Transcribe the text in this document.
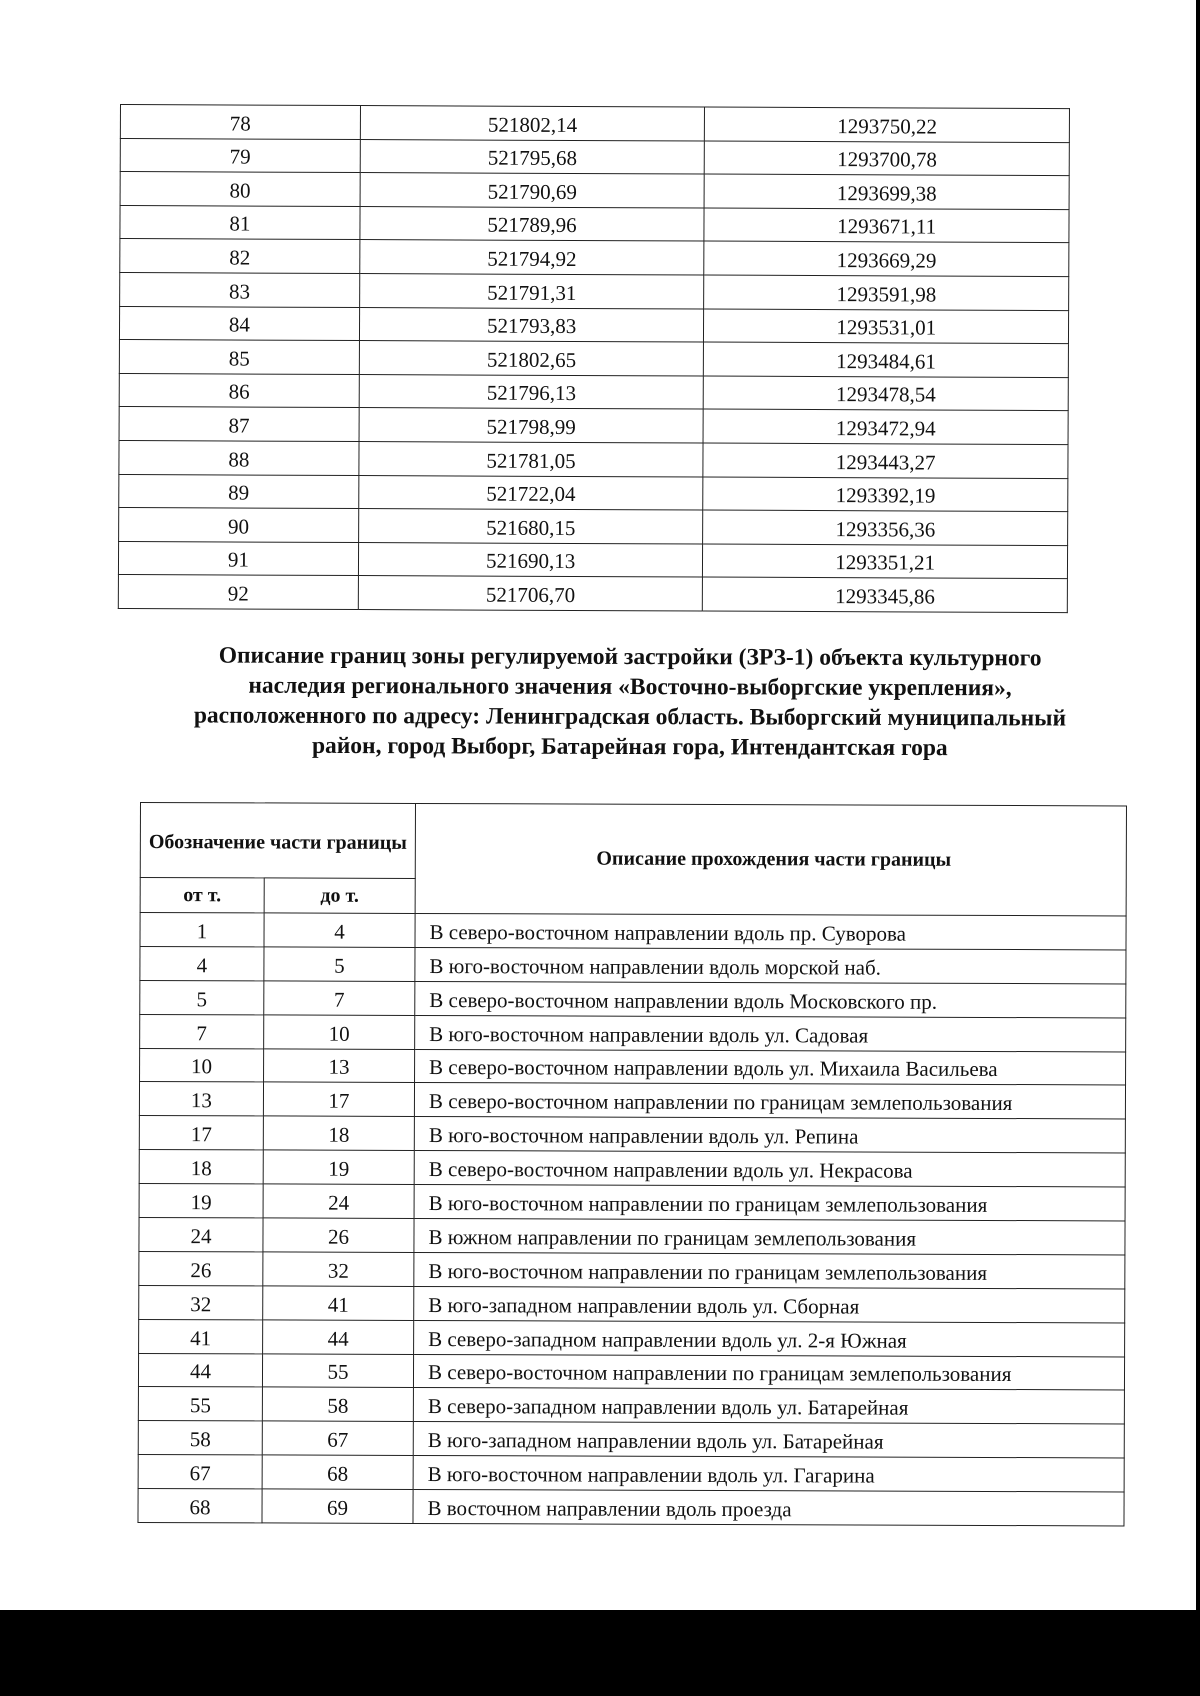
78	521802,14	1293750,22
79	521795,68	1293700,78
80	521790,69	1293699,38
81	521789,96	1293671,11
82	521794,92	1293669,29
83	521791,31	1293591,98
84	521793,83	1293531,01
85	521802,65	1293484,61
86	521796,13	1293478,54
87	521798,99	1293472,94
88	521781,05	1293443,27
89	521722,04	1293392,19
90	521680,15	1293356,36
91	521690,13	1293351,21
92	521706,70	1293345,86

Описание границ зоны регулируемой застройки (ЗРЗ-1) объекта культурного

наследия регионального значения «Восточно-выборгские укрепления»,

расположенного по адресу: Ленинградская область. Выборгский муниципальный

район, город Выборг, Батарейная гора, Интендантская гора

Обозначение части границы		Описание прохождения части границы
от т.	до т.	
1	4	В северо-восточном направлении вдоль пр. Суворова
4	5	В юго-восточном направлении вдоль морской наб.
5	7	В северо-восточном направлении вдоль Московского пр.
7	10	В юго-восточном направлении вдоль ул. Садовая
10	13	В северо-восточном направлении вдоль ул. Михаила Васильева
13	17	В северо-восточном направлении по границам землепользования
17	18	В юго-восточном направлении вдоль ул. Репина
18	19	В северо-восточном направлении вдоль ул. Некрасова
19	24	В юго-восточном направлении по границам землепользования
24	26	В южном направлении по границам землепользования
26	32	В юго-восточном направлении по границам землепользования
32	41	В юго-западном направлении вдоль ул. Сборная
41	44	В северо-западном направлении вдоль ул. 2-я Южная
44	55	В северо-восточном направлении по границам землепользования
55	58	В северо-западном направлении вдоль ул. Батарейная
58	67	В юго-западном направлении вдоль ул. Батарейная
67	68	В юго-восточном направлении вдоль ул. Гагарина
68	69	В восточном направлении вдоль проезда
